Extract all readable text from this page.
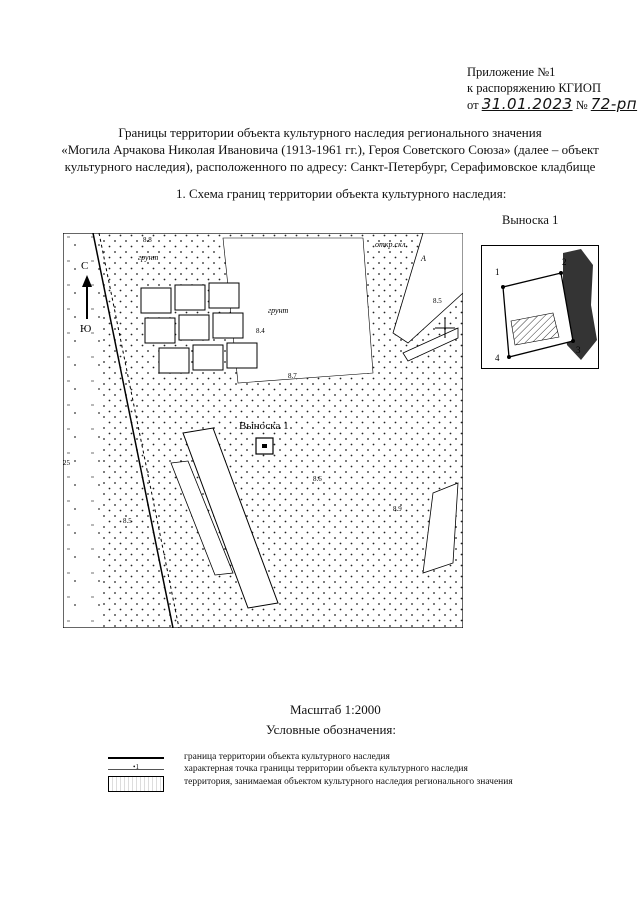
Приложение №1
к распоряжению КГИОП
от 31.01.2023 № 72-рп
Границы территории объекта культурного наследия регионального значения
«Могила Арчакова Николая Ивановича (1913-1961 гг.), Героя Советского Союза» (далее – объект
культурного наследия), расположенного по адресу: Санкт-Петербург, Серафимовское кладбище
1. Схема границ территории объекта культурного наследия:
Выноска 1
С
Ю
Выноска 1
грунт
грунт
откр.скл.
А
8.8
8.4
8.7
8.5
8.6
8.9
25
8.5
1
2
3
4
Масштаб 1:2000
Условные обозначения:
граница территории объекта культурного наследия
•1	характерная точка границы территории объекта культурного наследия
территория, занимаемая объектом культурного наследия регионального значения
